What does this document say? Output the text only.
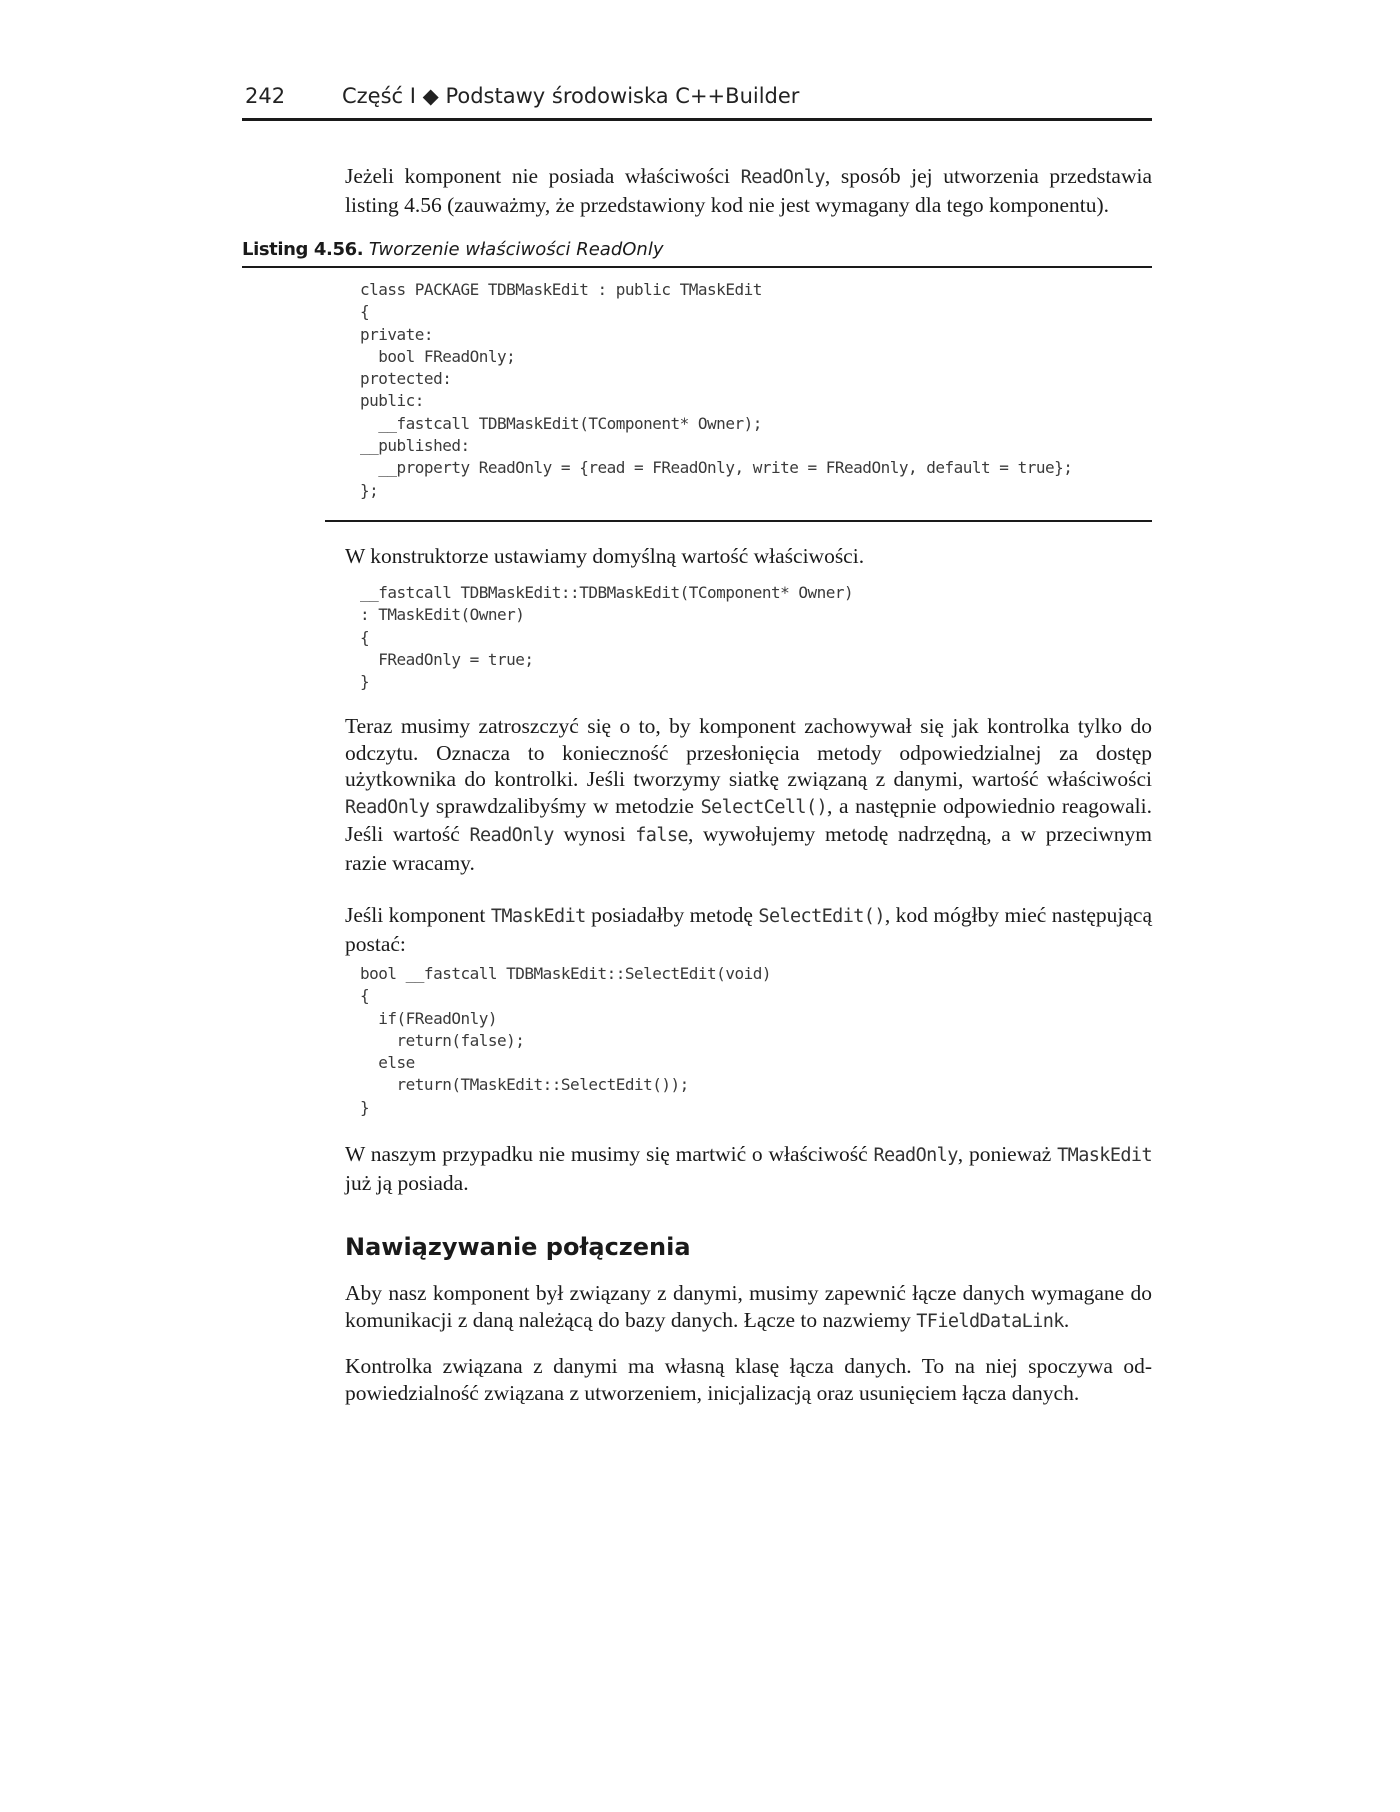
242	Część I ◆ Podstawy środowiska C++Builder

Jeżeli komponent nie posiada właściwości ReadOnly, sposób jej utworzenia przedstawia listing 4.56 (zauważmy, że przedstawiony kod nie jest wymagany dla tego komponentu).

Listing 4.56. Tworzenie właściwości ReadOnly
class PACKAGE TDBMaskEdit : public TMaskEdit
{
private:
bool FReadOnly;
protected:
public:
__fastcall TDBMaskEdit(TComponent* Owner);
__published:
__property ReadOnly = {read = FReadOnly, write = FReadOnly, default = true};
};

W konstruktorze ustawiamy domyślną wartość właściwości.

__fastcall TDBMaskEdit::TDBMaskEdit(TComponent* Owner)
: TMaskEdit(Owner)
{
FReadOnly = true;
}

Teraz musimy zatroszczyć się o to, by komponent zachowywał się jak kontrolka tylko do odczytu. Oznacza to konieczność przesłonięcia metody odpowiedzialnej za dostęp użytkownika do kontrolki. Jeśli tworzymy siatkę związaną z danymi, wartość właściwości ReadOnly sprawdzalibyśmy w metodzie SelectCell(), a następnie odpowiednio reagowali. Jeśli wartość ReadOnly wynosi false, wywołujemy metodę nadrzędną, a w przeciwnym razie wracamy.

Jeśli komponent TMaskEdit posiadałby metodę SelectEdit(), kod mógłby mieć następującą postać:

bool __fastcall TDBMaskEdit::SelectEdit(void)
{
if(FReadOnly)
return(false);
else
return(TMaskEdit::SelectEdit());
}

W naszym przypadku nie musimy się martwić o właściwość ReadOnly, ponieważ TMaskEdit już ją posiada.

Nawiązywanie połączenia

Aby nasz komponent był związany z danymi, musimy zapewnić łącze danych wymagane do komunikacji z daną należącą do bazy danych. Łącze to nazwiemy TFieldDataLink.

Kontrolka związana z danymi ma własną klasę łącza danych. To na niej spoczywa odpowiedzialność związana z utworzeniem, inicjalizacją oraz usunięciem łącza danych.
